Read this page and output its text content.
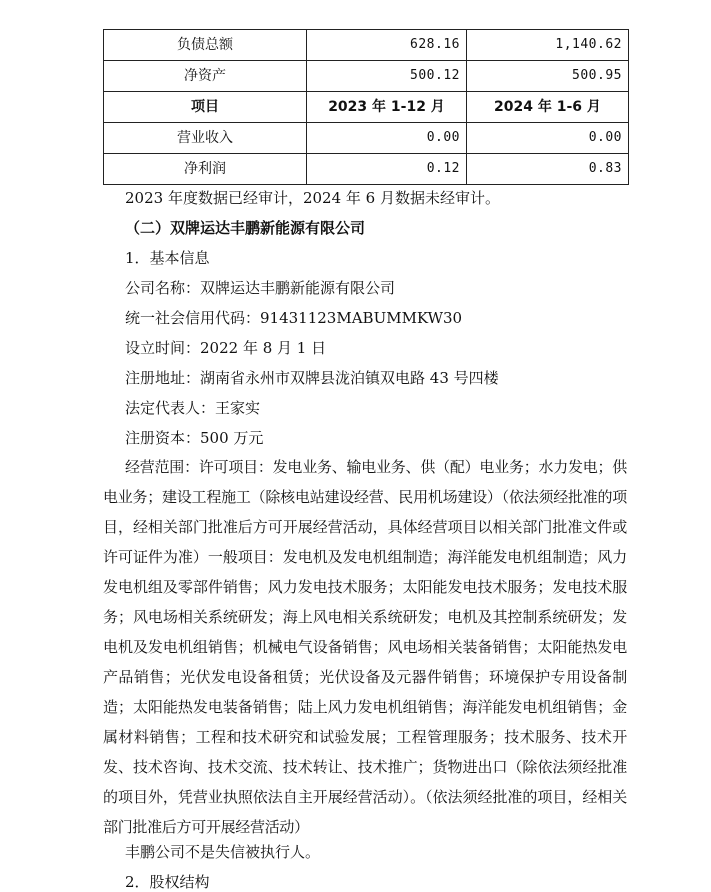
负债总额	628.16	1,140.62
净资产	500.12	500.95
项目	2023 年 1-12 月	2024 年 1-6 月
营业收入	0.00	0.00
净利润	0.12	0.83
2023 年度数据已经审计，2024 年 6 月数据未经审计。
（二）双牌运达丰鹏新能源有限公司
1．基本信息
公司名称：双牌运达丰鹏新能源有限公司
统一社会信用代码：91431123MABUMMKW30
设立时间：2022 年 8 月 1 日
注册地址：湖南省永州市双牌县泷泊镇双电路 43 号四楼
法定代表人：王家实
注册资本：500 万元
经营范围：许可项目：发电业务、输电业务、供（配）电业务；水力发电；供电业务；建设工程施工（除核电站建设经营、民用机场建设）（依法须经批准的项目，经相关部门批准后方可开展经营活动，具体经营项目以相关部门批准文件或许可证件为准）一般项目：发电机及发电机组制造；海洋能发电机组制造；风力发电机组及零部件销售；风力发电技术服务；太阳能发电技术服务；发电技术服务；风电场相关系统研发；海上风电相关系统研发；电机及其控制系统研发；发电机及发电机组销售；机械电气设备销售；风电场相关装备销售；太阳能热发电产品销售；光伏发电设备租赁；光伏设备及元器件销售；环境保护专用设备制造；太阳能热发电装备销售；陆上风力发电机组销售；海洋能发电机组销售；金属材料销售；工程和技术研究和试验发展；工程管理服务；技术服务、技术开发、技术咨询、技术交流、技术转让、技术推广；货物进出口（除依法须经批准的项目外，凭营业执照依法自主开展经营活动）。（依法须经批准的项目，经相关部门批准后方可开展经营活动）
丰鹏公司不是失信被执行人。
2．股权结构
